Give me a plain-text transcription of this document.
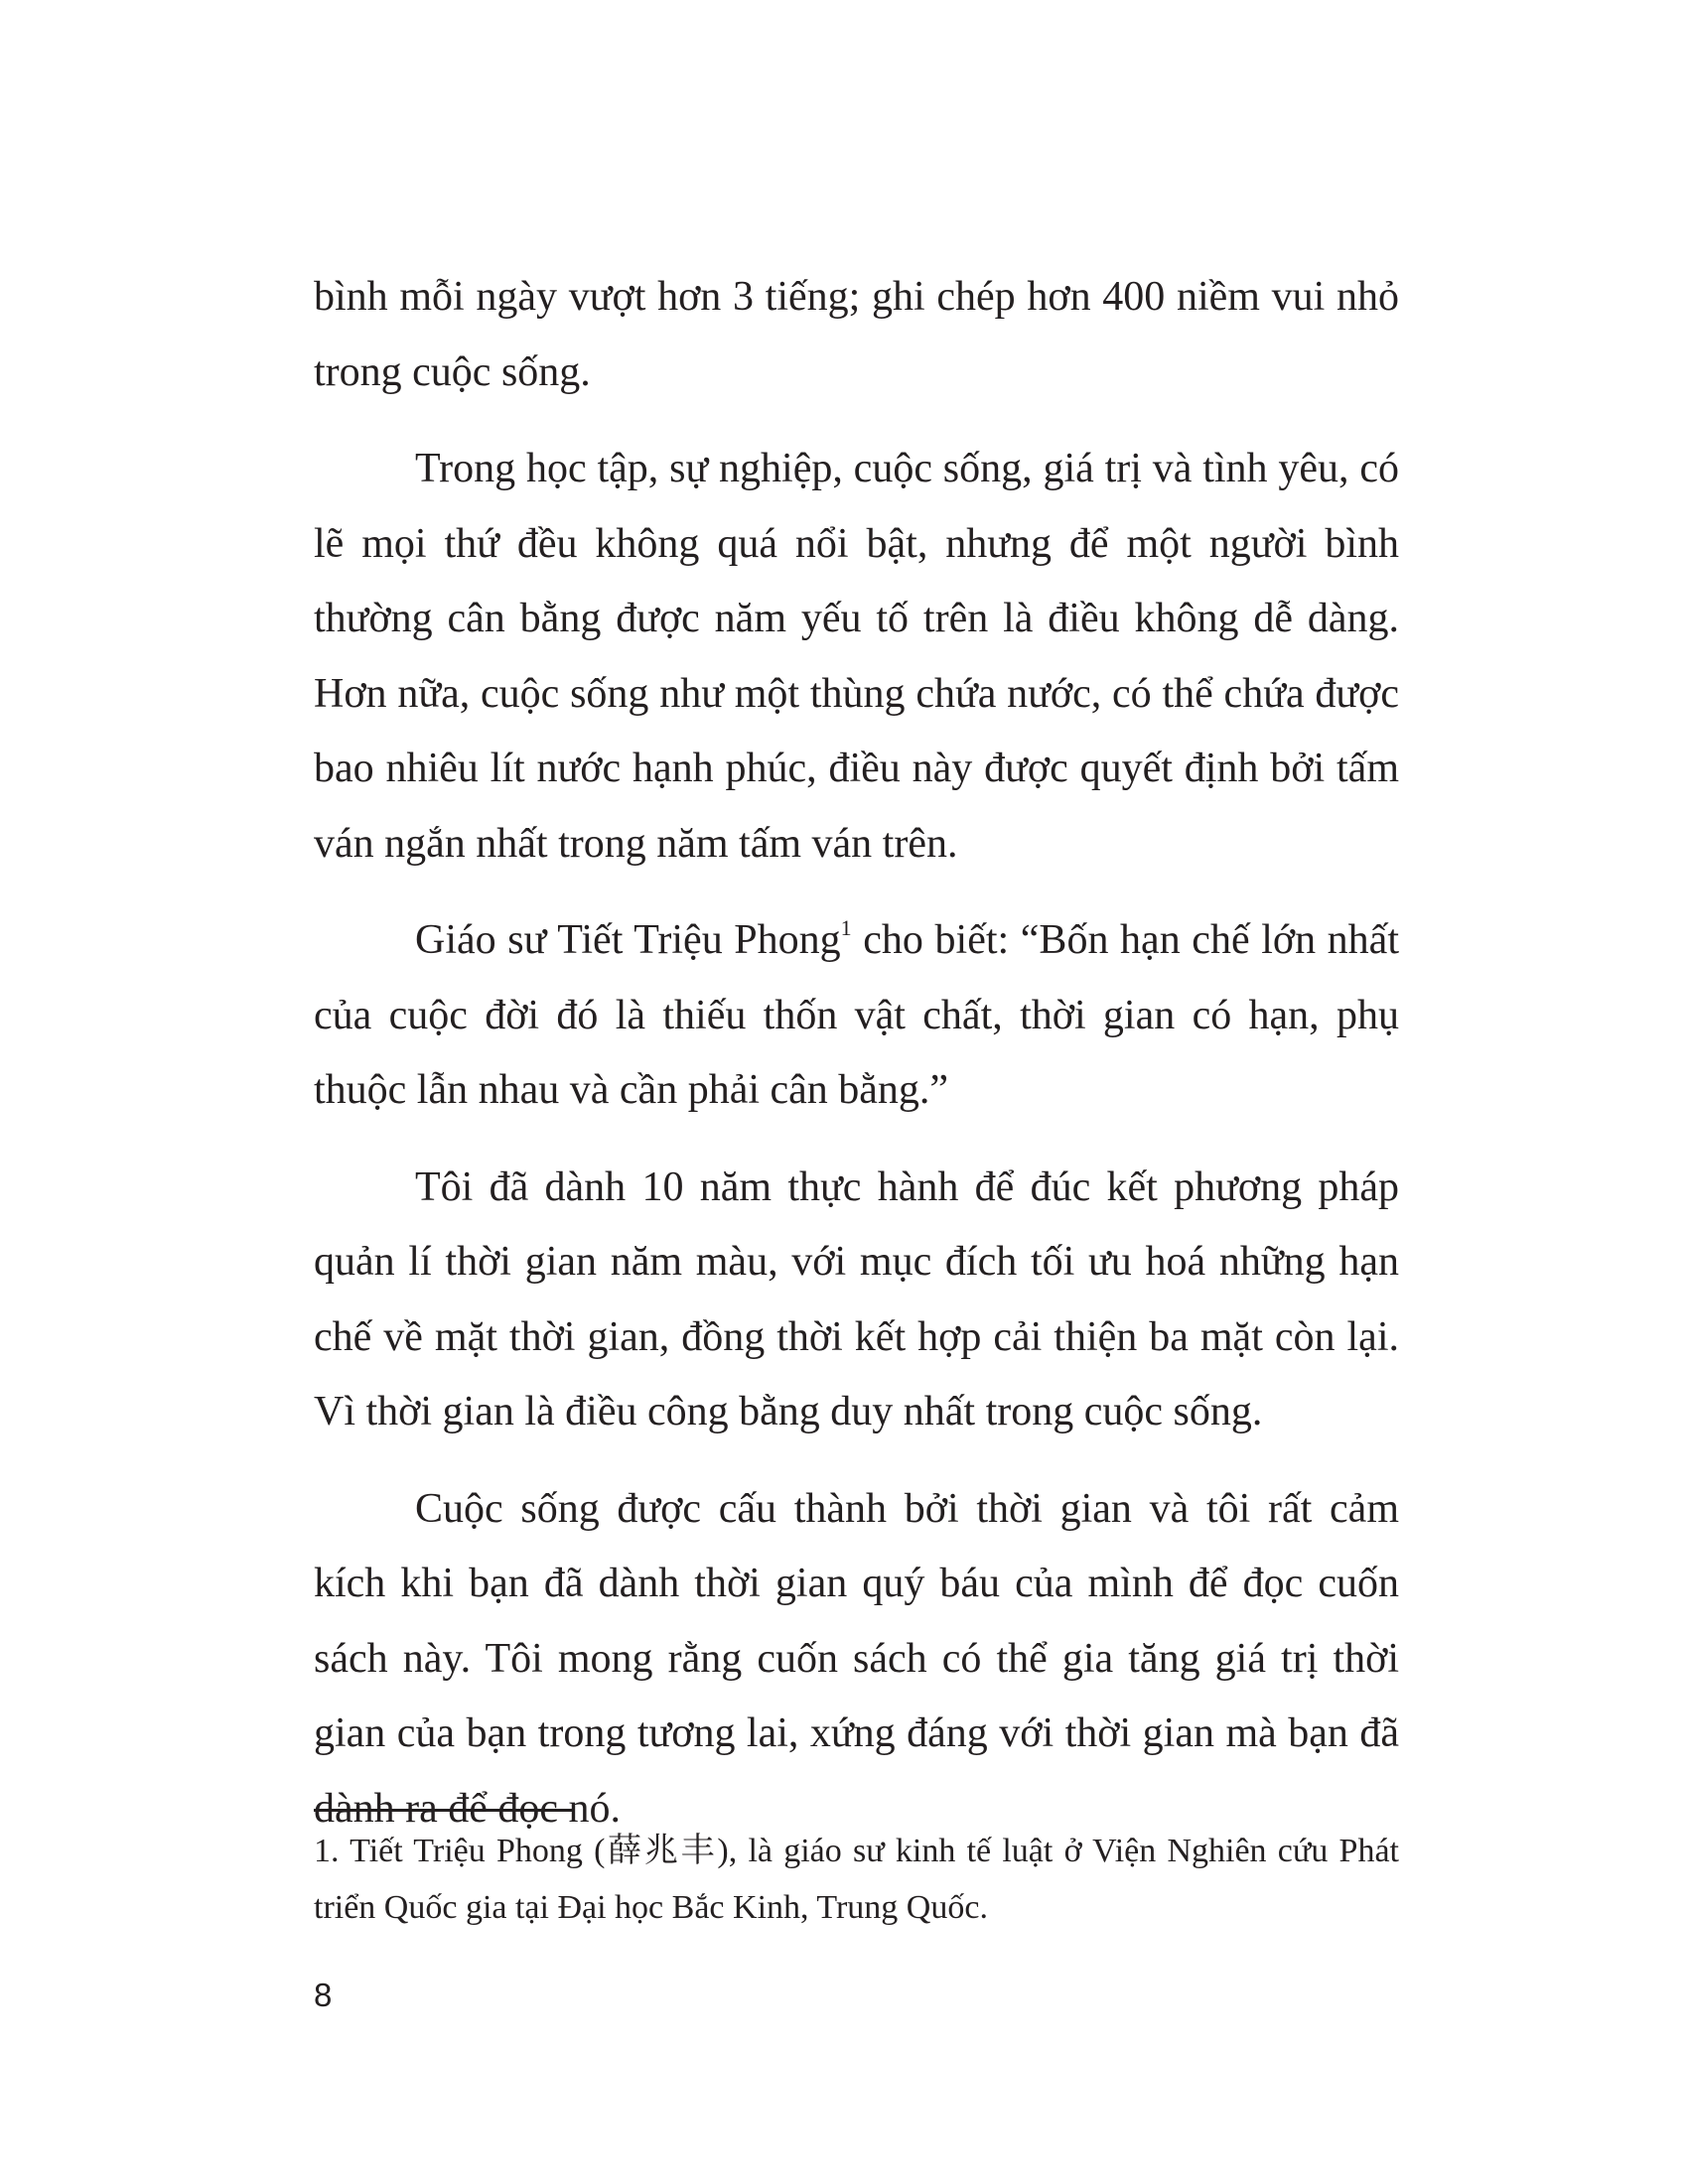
bình mỗi ngày vượt hơn 3 tiếng; ghi chép hơn 400 niềm vui nhỏ trong cuộc sống.

Trong học tập, sự nghiệp, cuộc sống, giá trị và tình yêu, có lẽ mọi thứ đều không quá nổi bật, nhưng để một người bình thường cân bằng được năm yếu tố trên là điều không dễ dàng. Hơn nữa, cuộc sống như một thùng chứa nước, có thể chứa được bao nhiêu lít nước hạnh phúc, điều này được quyết định bởi tấm ván ngắn nhất trong năm tấm ván trên.

Giáo sư Tiết Triệu Phong$^1$ cho biết: “Bốn hạn chế lớn nhất của cuộc đời đó là thiếu thốn vật chất, thời gian có hạn, phụ thuộc lẫn nhau và cần phải cân bằng.”

Tôi đã dành 10 năm thực hành để đúc kết phương pháp quản lí thời gian năm màu, với mục đích tối ưu hoá những hạn chế về mặt thời gian, đồng thời kết hợp cải thiện ba mặt còn lại. Vì thời gian là điều công bằng duy nhất trong cuộc sống.

Cuộc sống được cấu thành bởi thời gian và tôi rất cảm kích khi bạn đã dành thời gian quý báu của mình để đọc cuốn sách này. Tôi mong rằng cuốn sách có thể gia tăng giá trị thời gian của bạn trong tương lai, xứng đáng với thời gian mà bạn đã dành ra để đọc nó.

1. Tiết Triệu Phong (薛兆丰), là giáo sư kinh tế luật ở Viện Nghiên cứu Phát triển Quốc gia tại Đại học Bắc Kinh, Trung Quốc.

8
